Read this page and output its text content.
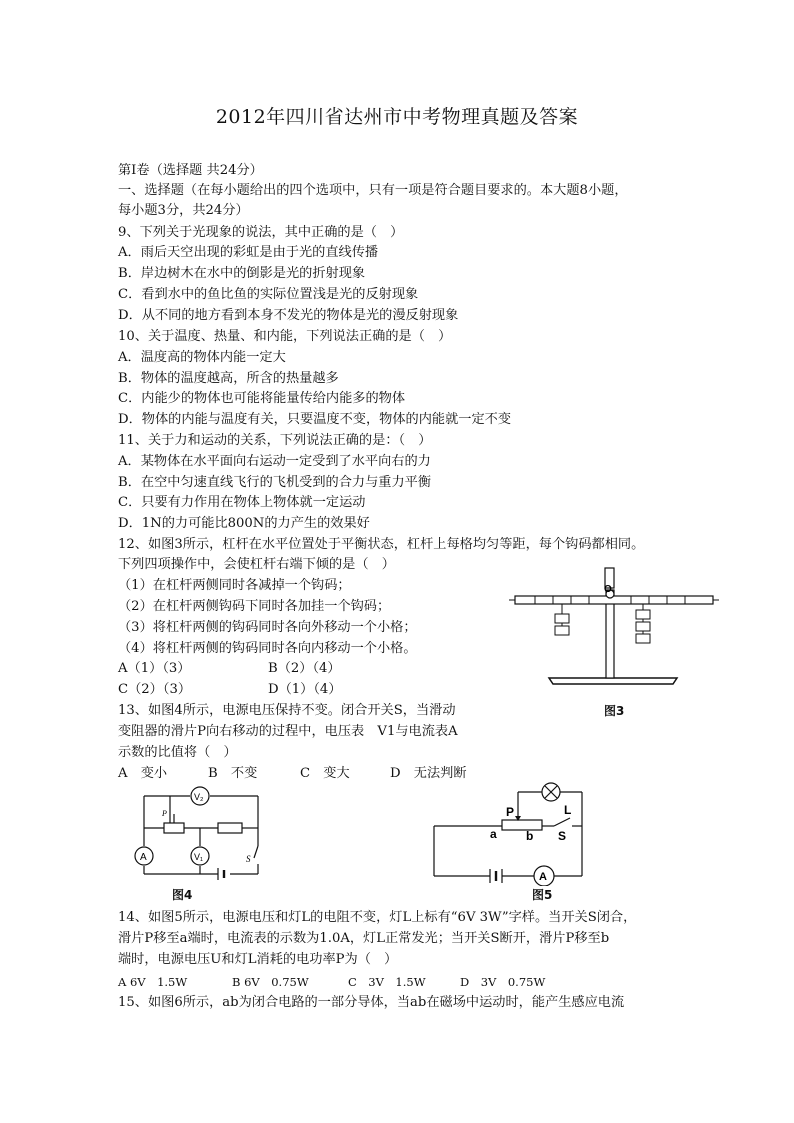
2012年四川省达州市中考物理真题及答案
第Ⅰ卷（选择题 共24分）
一、选择题（在每小题给出的四个选项中，只有一项是符合题目要求的。本大题8小题，
每小题3分，共24分）
9、下列关于光现象的说法，其中正确的是（　）
A．雨后天空出现的彩虹是由于光的直线传播
B．岸边树木在水中的倒影是光的折射现象
C．看到水中的鱼比鱼的实际位置浅是光的反射现象
D．从不同的地方看到本身不发光的物体是光的漫反射现象
10、关于温度、热量、和内能，下列说法正确的是（　）
A．温度高的物体内能一定大
B．物体的温度越高，所含的热量越多
C．内能少的物体也可能将能量传给内能多的物体
D．物体的内能与温度有关，只要温度不变，物体的内能就一定不变
11、关于力和运动的关系，下列说法正确的是：（　）
A．某物体在水平面向右运动一定受到了水平向右的力
B．在空中匀速直线飞行的飞机受到的合力与重力平衡
C．只要有力作用在物体上物体就一定运动
D．1N的力可能比800N的力产生的效果好
12、如图3所示，杠杆在水平位置处于平衡状态，杠杆上每格均匀等距，每个钩码都相同。
下列四项操作中，会使杠杆右端下倾的是（　）
（1）在杠杆两侧同时各减掉一个钩码；
（2）在杠杆两侧钩码下同时各加挂一个钩码；
（3）将杠杆两侧的钩码同时各向外移动一个小格；
（4）将杠杆两侧的钩码同时各向内移动一个小格。
A（1）（3）	B（2）（4）
C（2）（3）	D（1）（4）
O
图3
13、如图4所示，电源电压保持不变。闭合开关S，当滑动
变阻器的滑片P向右移动的过程中，电压表　V1与电流表A
示数的比值将（　）
A　变小	B　不变	C　变大	D　无法判断
V₂
A	V₁
P
S
图4
A
P
a b S
L
图5
14、如图5所示，电源电压和灯L的电阻不变，灯L上标有“6V 3W”字样。当开关S闭合，
滑片P移至a端时，电流表的示数为1.0A，灯L正常发光；当开关S断开，滑片P移至b
端时，电源电压U和灯L消耗的电功率P为（　）
A 6V　1.5W	B 6V　0.75W	C　3V　1.5W	D　3V　0.75W
15、如图6所示，ab为闭合电路的一部分导体，当ab在磁场中运动时，能产生感应电流
